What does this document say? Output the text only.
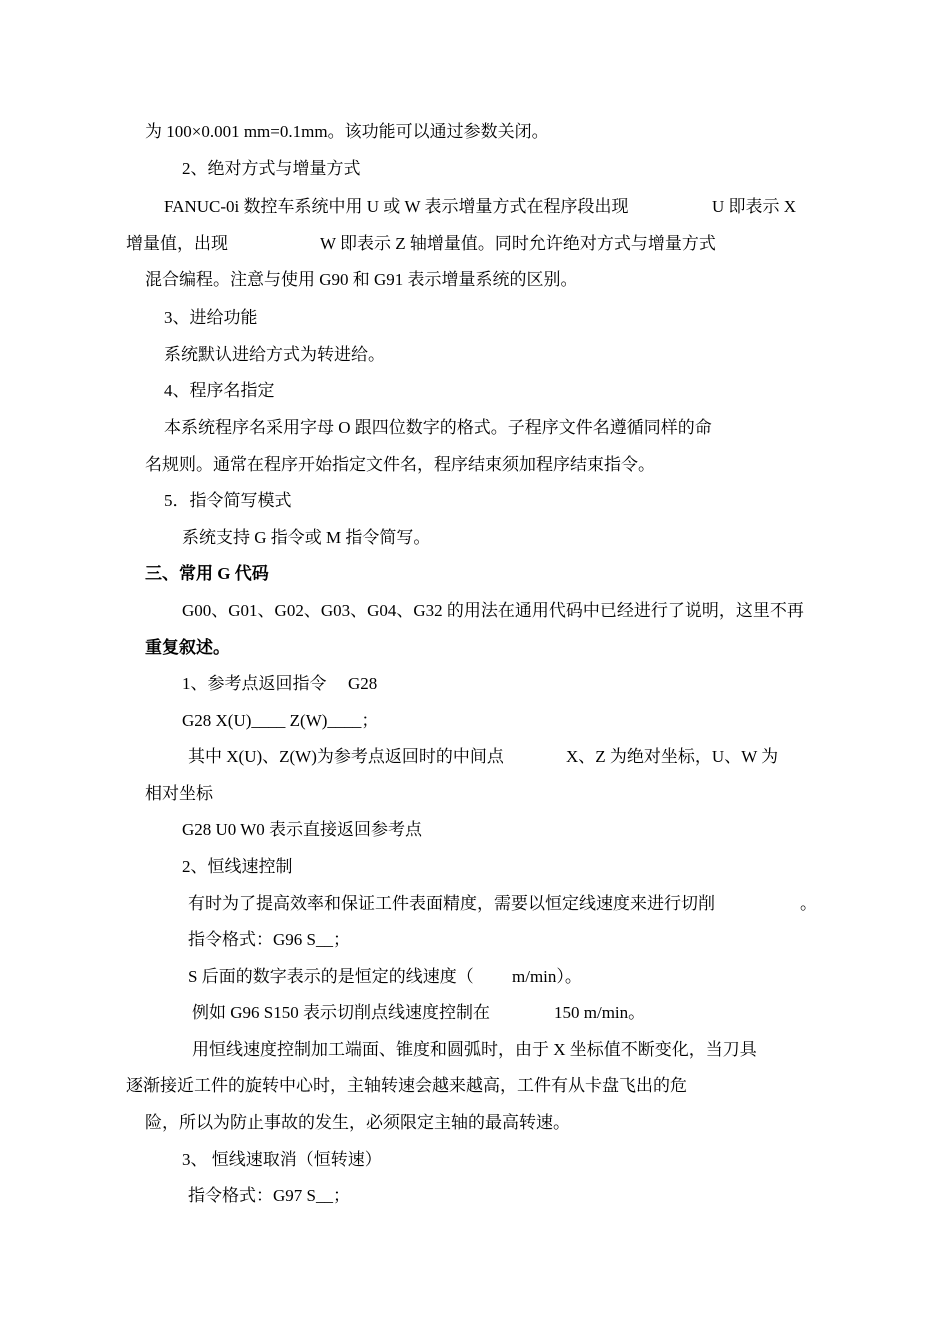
为 100×0.001 mm=0.1mm。该功能可以通过参数关闭。
2、绝对方式与增量方式
FANUC-0i 数控车系统中用 U 或 W 表示增量方式在程序段出现	U 即表示 X
增量值，出现	W 即表示 Z 轴增量值。同时允许绝对方式与增量方式
混合编程。注意与使用 G90 和 G91 表示增量系统的区别。
3、进给功能
系统默认进给方式为转进给。
4、程序名指定
本系统程序名采用字母 O 跟四位数字的格式。子程序文件名遵循同样的命
名规则。通常在程序开始指定文件名，程序结束须加程序结束指令。
5．指令简写模式
系统支持 G 指令或 M 指令简写。
三、常用 G 代码
G00、G01、G02、G03、G04、G32 的用法在通用代码中已经进行了说明，这里不再
重复叙述。
1、参考点返回指令 G28
G28 X(U)____ Z(W)____；
其中 X(U)、Z(W)为参考点返回时的中间点	X、Z 为绝对坐标，U、W 为
相对坐标
G28 U0 W0 表示直接返回参考点
2、恒线速控制
有时为了提高效率和保证工件表面精度，需要以恒定线速度来进行切削	。
指令格式：G96 S__；
S 后面的数字表示的是恒定的线速度（ m/min）。
例如 G96 S150 表示切削点线速度控制在	150 m/min。
用恒线速度控制加工端面、锥度和圆弧时，由于 X 坐标值不断变化，当刀具
逐渐接近工件的旋转中心时，主轴转速会越来越高，工件有从卡盘飞出的危
险，所以为防止事故的发生，必须限定主轴的最高转速。
3、 恒线速取消（恒转速）
指令格式：G97 S__；
